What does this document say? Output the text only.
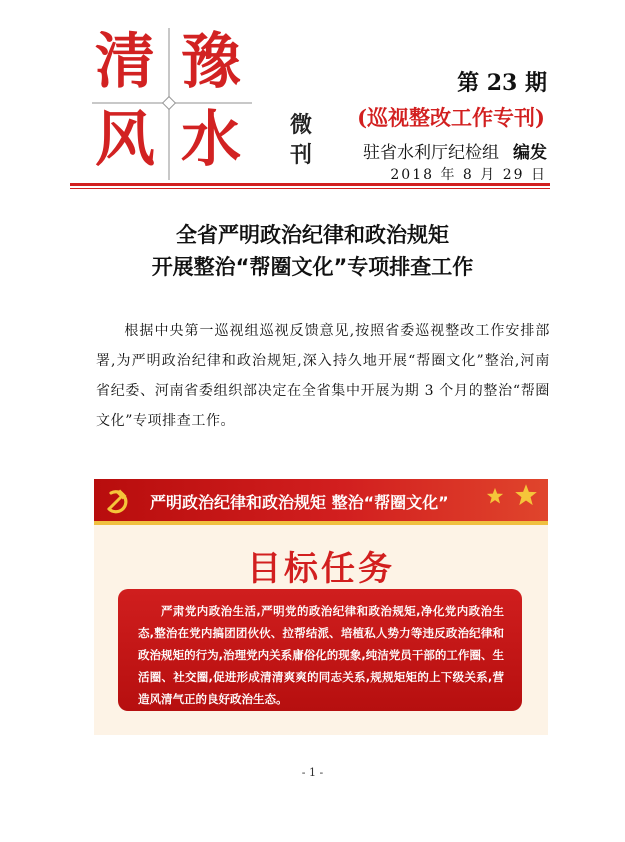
清 豫
风 水 微
刊
第 23 期
(巡视整改工作专刊)
驻省水利厅纪检组 编发
2018 年 8 月 29 日
全省严明政治纪律和政治规矩
开展整治“帮圈文化”专项排查工作
根据中央第一巡视组巡视反馈意见,按照省委巡视整改工作安排部署,为严明政治纪律和政治规矩,深入持久地开展“帮圈文化”整治,河南省纪委、河南省委组织部决定在全省集中开展为期 3 个月的整治“帮圈文化”专项排查工作。
严明政治纪律和政治规矩 整治“帮圈文化”
目标任务
严肃党内政治生活,严明党的政治纪律和政治规矩,净化党内政治生态,整治在党内搞团团伙伙、拉帮结派、培植私人势力等违反政治纪律和政治规矩的行为,治理党内关系庸俗化的现象,纯洁党员干部的工作圈、生活圈、社交圈,促进形成清清爽爽的同志关系,规规矩矩的上下级关系,营造风清气正的良好政治生态。
- 1 -
